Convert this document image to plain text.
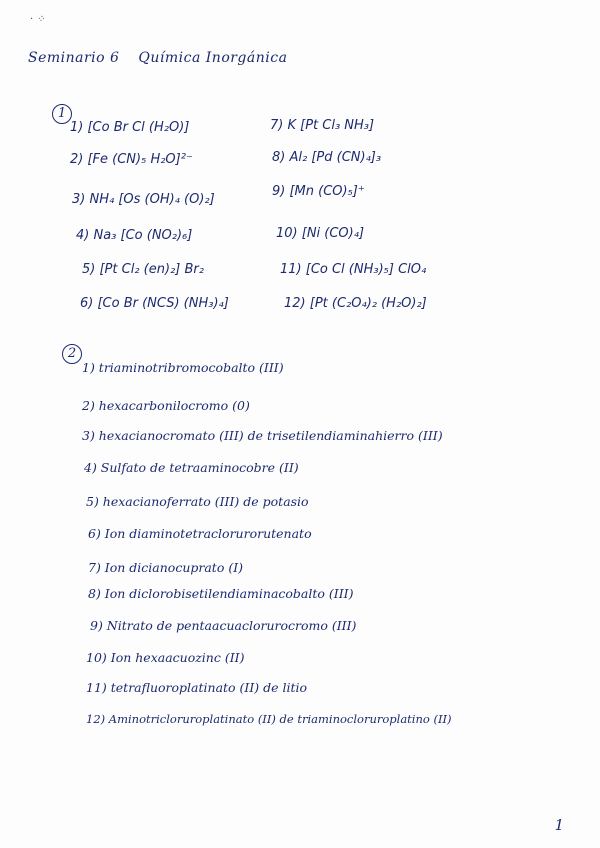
· ⁘
Seminario 6 Química Inorgánica
1
1) [Co Br Cl (H₂O)]
2) [Fe (CN)₅ H₂O]²⁻
3) NH₄ [Os (OH)₄ (O)₂]
4) Na₃ [Co (NO₂)₆]
5) [Pt Cl₂ (en)₂] Br₂
6) [Co Br (NCS) (NH₃)₄]
7) K [Pt Cl₃ NH₃]
8) Al₂ [Pd (CN)₄]₃
9) [Mn (CO)₅]⁺
10) [Ni (CO)₄]
11) [Co Cl (NH₃)₅] ClO₄
12) [Pt (C₂O₄)₂ (H₂O)₂]
2
1) triaminotribromocobalto (III)
2) hexacarbonilocromo (0)
3) hexacianocromato (III) de trisetilendiaminahierro (III)
4) Sulfato de tetraaminocobre (II)
5) hexacianoferrato (III) de potasio
6) Ion diaminotetraclorurorutenato
7) Ion dicianocuprato (I)
8) Ion diclorobisetilendiaminacobalto (III)
9) Nitrato de pentaacuaclorurocromo (III)
10) Ion hexaacuozinc (II)
11) tetrafluoroplatinato (II) de litio
12) Aminotriclorurоplatinato (II) de triaminoclorurоplatino (II)
1
